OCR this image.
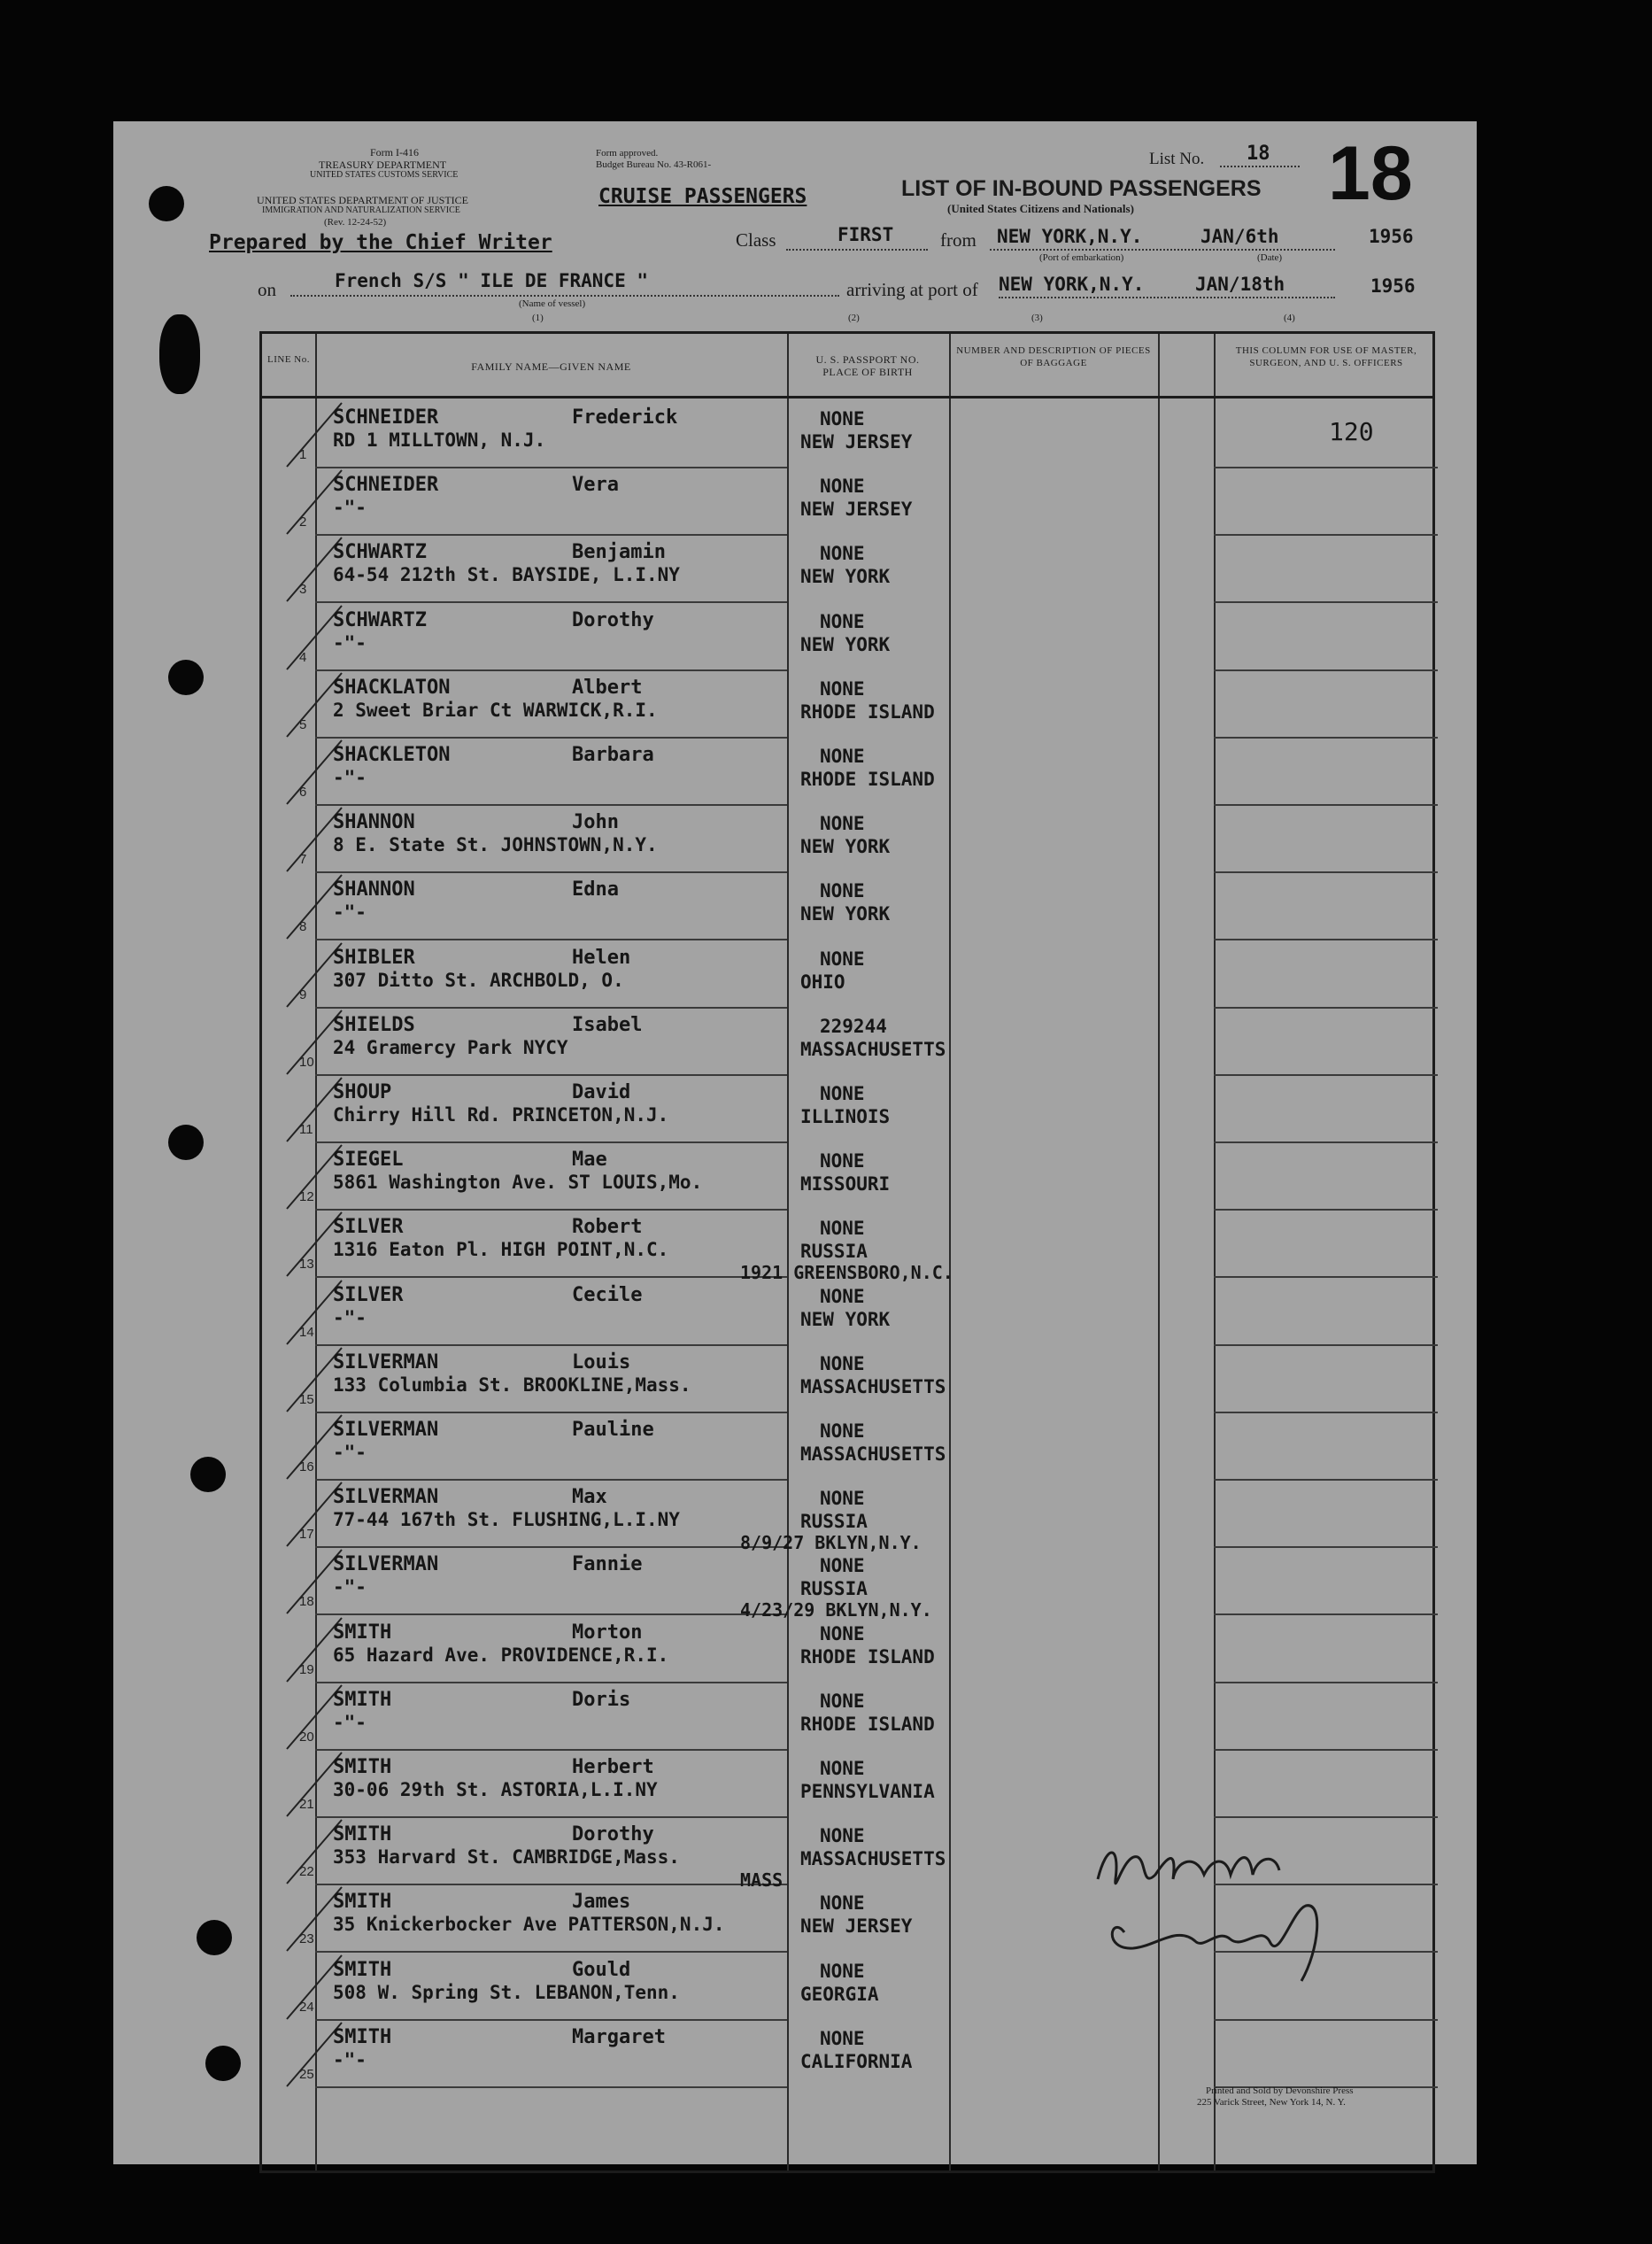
Form I-416
TREASURY DEPARTMENT
UNITED STATES CUSTOMS SERVICE
UNITED STATES DEPARTMENT OF JUSTICE
IMMIGRATION AND NATURALIZATION SERVICE
(Rev. 12-24-52)
Form approved.
Budget Bureau No. 43-R061-
CRUISE PASSENGERS	LIST OF IN-BOUND PASSENGERS
(United States Citizens and Nationals)
List No. 18 18
Prepared by the Chief Writer	Class	FIRST	from NEW YORK,N.Y.	JAN/6th	1956
(Port of embarkation)	(Date)
on	French S/S " ILE DE FRANCE "
(Name of vessel)
arriving at port of NEW YORK,N.Y.	JAN/18th	1956
(1)	(2)	(3)	(4)
LINE No.
FAMILY NAME—GIVEN NAME
U. S. PASSPORT NO. PLACE OF BIRTH
NUMBER AND DESCRIPTION OF PIECES OF BAGGAGE
THIS COLUMN FOR USE OF MASTER, SURGEON, AND U. S. OFFICERS
1
SCHNEIDER	Frederick
RD 1 MILLTOWN, N.J.
NONE
NEW JERSEY	120
2
SCHNEIDER	Vera
-"-
NONE
NEW JERSEY
3
SCHWARTZ	Benjamin
64-54 212th St. BAYSIDE, L.I.NY
NONE
NEW YORK
4
SCHWARTZ	Dorothy
-"-
NONE
NEW YORK
5
SHACKLATON	Albert
2 Sweet Briar Ct WARWICK,R.I.
NONE
RHODE ISLAND
6
SHACKLETON	Barbara
-"-
NONE
RHODE ISLAND
7
SHANNON	John
8 E. State St. JOHNSTOWN,N.Y.
NONE
NEW YORK
8
SHANNON	Edna
-"-
NONE
NEW YORK
9
SHIBLER	Helen
307 Ditto St. ARCHBOLD, O.
NONE
OHIO
10
SHIELDS	Isabel
24 Gramercy Park NYCY
229244
MASSACHUSETTS
11
SHOUP	David
Chirry Hill Rd. PRINCETON,N.J.
NONE
ILLINOIS
12
SIEGEL	Mae
5861 Washington Ave. ST LOUIS,Mo.
NONE
MISSOURI
13
SILVER	Robert
1316 Eaton Pl. HIGH POINT,N.C.
NONE
RUSSIA
1921 GREENSBORO,N.C.
14
SILVER	Cecile
-"-
NONE
NEW YORK
15
SILVERMAN	Louis
133 Columbia St. BROOKLINE,Mass.
NONE
MASSACHUSETTS
16
SILVERMAN	Pauline
-"-
NONE
MASSACHUSETTS
17
SILVERMAN	Max
77-44 167th St. FLUSHING,L.I.NY
NONE
RUSSIA
8/9/27 BKLYN,N.Y.
18
SILVERMAN	Fannie
-"-
NONE
RUSSIA
4/23/29 BKLYN,N.Y.
19
SMITH	Morton
65 Hazard Ave. PROVIDENCE,R.I.
NONE
RHODE ISLAND
20
SMITH	Doris
-"-
NONE
RHODE ISLAND
21
SMITH	Herbert
30-06 29th St. ASTORIA,L.I.NY
NONE
PENNSYLVANIA
22
SMITH	Dorothy
353 Harvard St. CAMBRIDGE,Mass.
NONE
MASSACHUSETTS
MASS
23
SMITH	James
35 Knickerbocker Ave PATTERSON,N.J.
NONE
NEW JERSEY
24
SMITH	Gould
508 W. Spring St. LEBANON,Tenn.
NONE
GEORGIA
25
SMITH	Margaret
-"-
NONE
CALIFORNIA
Wm McGrath
Chief Insp
Printed and Sold by Devonshire Press
225 Varick Street, New York 14, N. Y.
